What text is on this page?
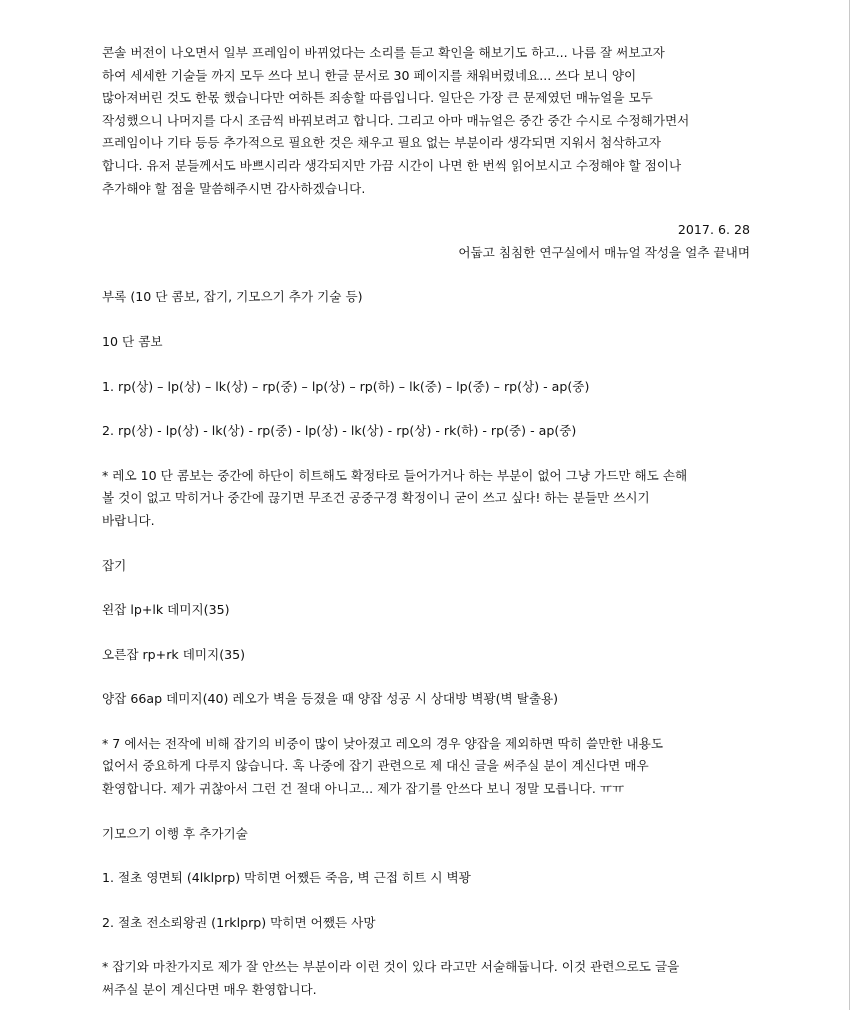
콘솔 버전이 나오면서 일부 프레임이 바뀌었다는 소리를 듣고 확인을 해보기도 하고... 나름 잘 써보고자
하여 세세한 기술들 까지 모두 쓰다 보니 한글 문서로 30 페이지를 채워버렸네요... 쓰다 보니 양이
많아져버린 것도 한몫 했습니다만 여하튼 죄송할 따름입니다. 일단은 가장 큰 문제였던 매뉴얼을 모두
작성했으니 나머지를 다시 조금씩 바꿔보려고 합니다. 그리고 아마 매뉴얼은 중간 중간 수시로 수정해가면서
프레임이나 기타 등등 추가적으로 필요한 것은 채우고 필요 없는 부분이라 생각되면 지워서 첨삭하고자
합니다. 유저 분들께서도 바쁘시리라 생각되지만 가끔 시간이 나면 한 번씩 읽어보시고 수정해야 할 점이나
추가해야 할 점을 말씀해주시면 감사하겠습니다.
2017. 6. 28
어둡고 침침한 연구실에서 매뉴얼 작성을 얼추 끝내며
부록 (10 단 콤보, 잡기, 기모으기 추가 기술 등)
10 단 콤보
1. rp(상) – lp(상) – lk(상) – rp(중) – lp(상) – rp(하) – lk(중) – lp(중) – rp(상) - ap(중)
2. rp(상) - lp(상) - lk(상) - rp(중) - lp(상) - lk(상) - rp(상) - rk(하) - rp(중) - ap(중)
* 레오 10 단 콤보는 중간에 하단이 히트해도 확정타로 들어가거나 하는 부분이 없어 그냥 가드만 해도 손해
볼 것이 없고 막히거나 중간에 끊기면 무조건 공중구경 확정이니 굳이 쓰고 싶다! 하는 분들만 쓰시기
바랍니다.
잡기
왼잡 lp+lk 데미지(35)
오른잡 rp+rk 데미지(35)
양잡 66ap 데미지(40) 레오가 벽을 등졌을 때 양잡 성공 시 상대방 벽꽝(벽 탈출용)
* 7 에서는 전작에 비해 잡기의 비중이 많이 낮아졌고 레오의 경우 양잡을 제외하면 딱히 쓸만한 내용도
없어서 중요하게 다루지 않습니다. 혹 나중에 잡기 관련으로 제 대신 글을 써주실 분이 계신다면 매우
환영합니다. 제가 귀찮아서 그런 건 절대 아니고... 제가 잡기를 안쓰다 보니 정말 모릅니다. ㅠㅠ
기모으기 이행 후 추가기술
1. 절초 영면퇴 (4lklprp) 막히면 어쨌든 죽음, 벽 근접 히트 시 벽꽝
2. 절초 전소뢰왕권 (1rklprp) 막히면 어쨌든 사망
* 잡기와 마찬가지로 제가 잘 안쓰는 부분이라 이런 것이 있다 라고만 서술해둡니다. 이것 관련으로도 글을
써주실 분이 계신다면 매우 환영합니다.
